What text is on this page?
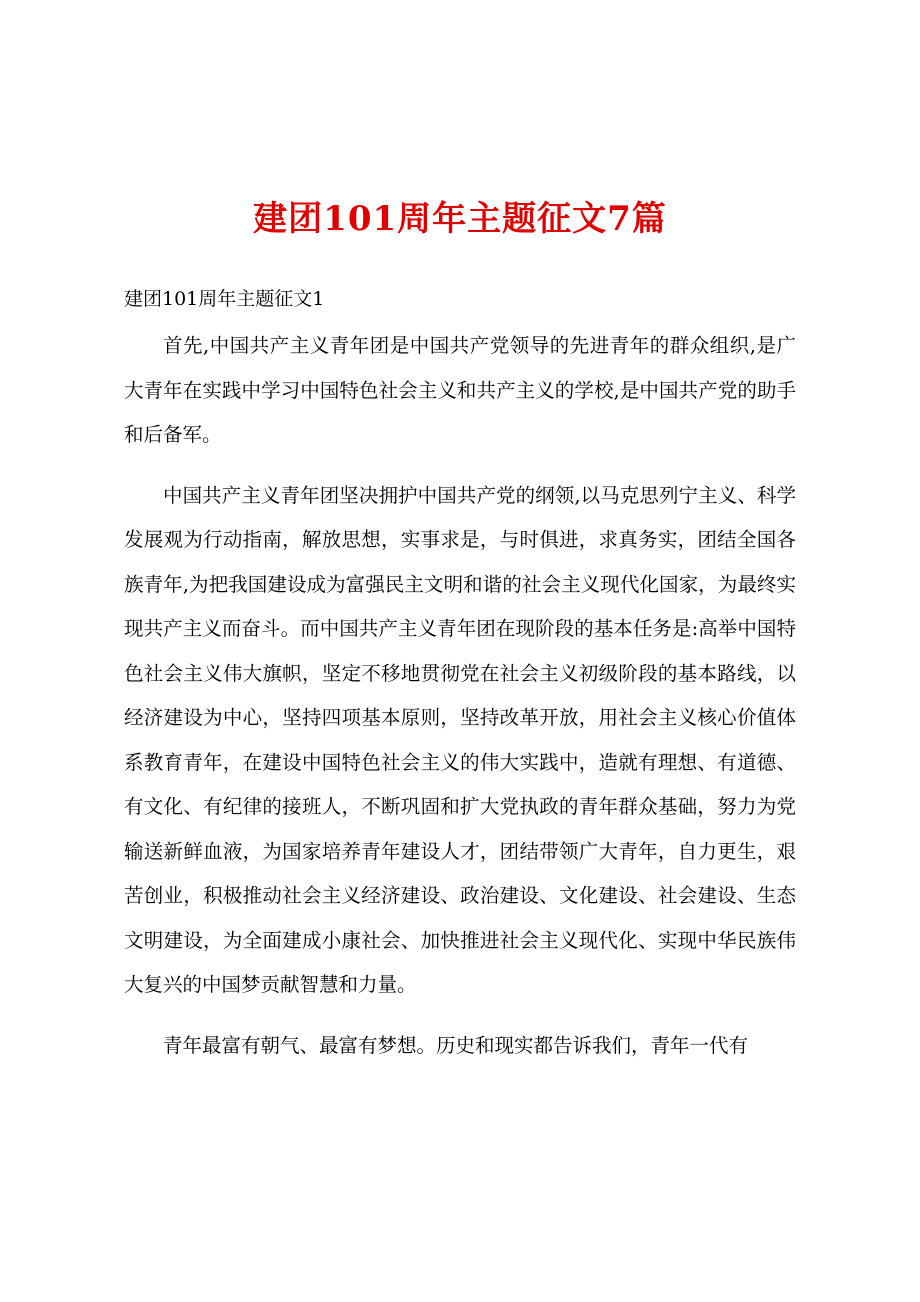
建团101周年主题征文7篇
建团101周年主题征文1

首先,中国共产主义青年团是中国共产党领导的先进青年的群众组织,是广大青年在实践中学习中国特色社会主义和共产主义的学校,是中国共产党的助手和后备军。

中国共产主义青年团坚决拥护中国共产党的纲领,以马克思列宁主义、科学发展观为行动指南，解放思想，实事求是，与时俱进，求真务实，团结全国各族青年,为把我国建设成为富强民主文明和谐的社会主义现代化国家，为最终实现共产主义而奋斗。而中国共产主义青年团在现阶段的基本任务是:高举中国特色社会主义伟大旗帜，坚定不移地贯彻党在社会主义初级阶段的基本路线，以经济建设为中心，坚持四项基本原则，坚持改革开放，用社会主义核心价值体系教育青年，在建设中国特色社会主义的伟大实践中，造就有理想、有道德、有文化、有纪律的接班人，不断巩固和扩大党执政的青年群众基础，努力为党输送新鲜血液，为国家培养青年建设人才，团结带领广大青年，自力更生，艰苦创业，积极推动社会主义经济建设、政治建设、文化建设、社会建设、生态文明建设，为全面建成小康社会、加快推进社会主义现代化、实现中华民族伟大复兴的中国梦贡献智慧和力量。

青年最富有朝气、最富有梦想。历史和现实都告诉我们，青年一代有
